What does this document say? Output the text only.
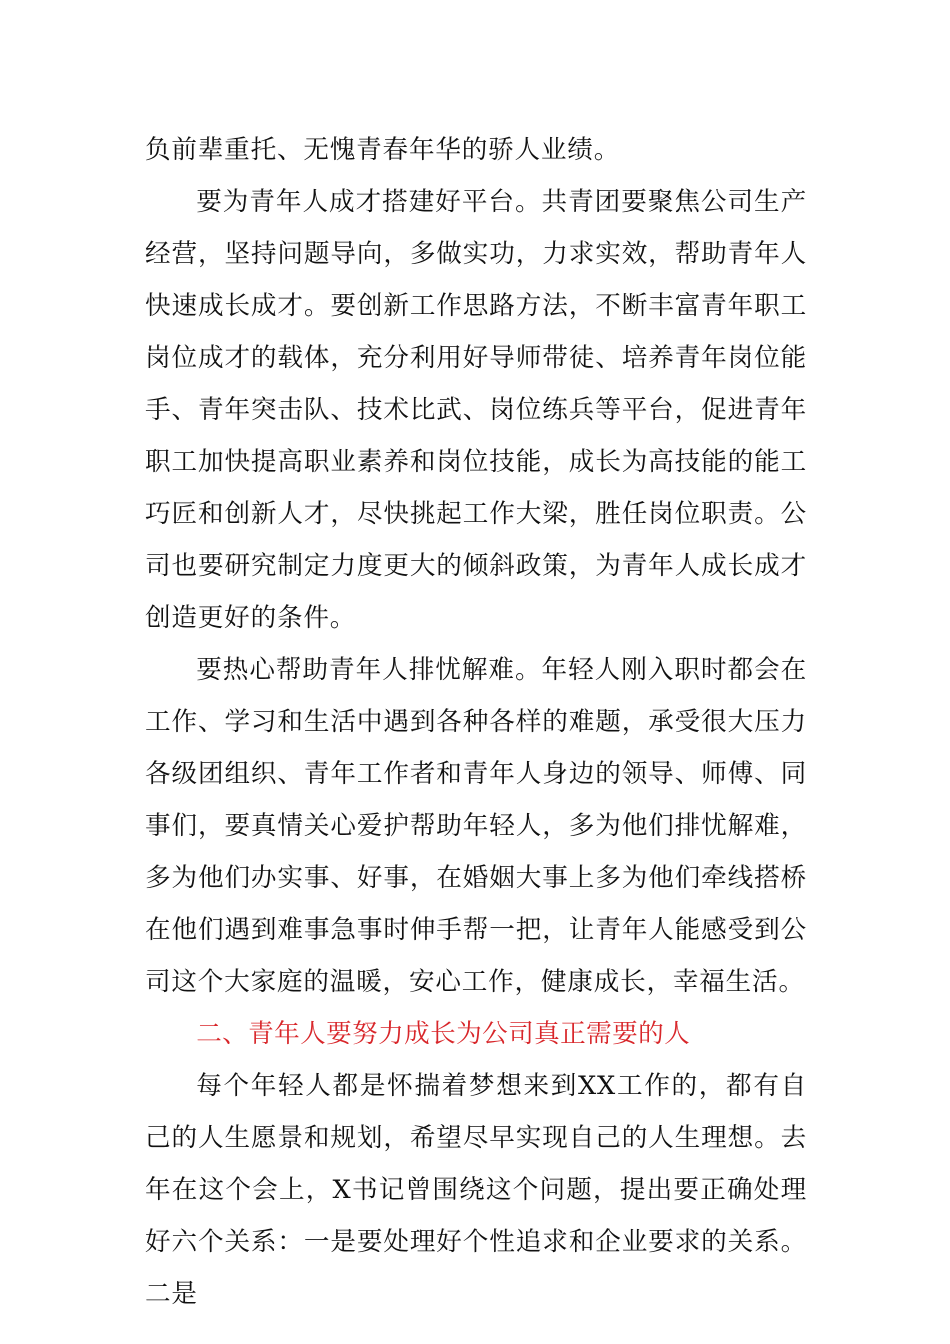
负前辈重托、无愧青春年华的骄人业绩。

要为青年人成才搭建好平台。共青团要聚焦公司生产经营，坚持问题导向，多做实功，力求实效，帮助青年人快速成长成才。要创新工作思路方法，不断丰富青年职工岗位成才的载体，充分利用好导师带徒、培养青年岗位能手、青年突击队、技术比武、岗位练兵等平台，促进青年职工加快提高职业素养和岗位技能，成长为高技能的能工巧匠和创新人才，尽快挑起工作大梁，胜任岗位职责。公司也要研究制定力度更大的倾斜政策，为青年人成长成才创造更好的条件。

要热心帮助青年人排忧解难。年轻人刚入职时都会在工作、学习和生活中遇到各种各样的难题，承受很大压力各级团组织、青年工作者和青年人身边的领导、师傅、同事们，要真情关心爱护帮助年轻人，多为他们排忧解难，多为他们办实事、好事，在婚姻大事上多为他们牵线搭桥在他们遇到难事急事时伸手帮一把，让青年人能感受到公司这个大家庭的温暖，安心工作，健康成长，幸福生活。

二、青年人要努力成长为公司真正需要的人

每个年轻人都是怀揣着梦想来到XX工作的，都有自己的人生愿景和规划，希望尽早实现自己的人生理想。去年在这个会上，X书记曾围绕这个问题，提出要正确处理好六个关系：一是要处理好个性追求和企业要求的关系。二是
